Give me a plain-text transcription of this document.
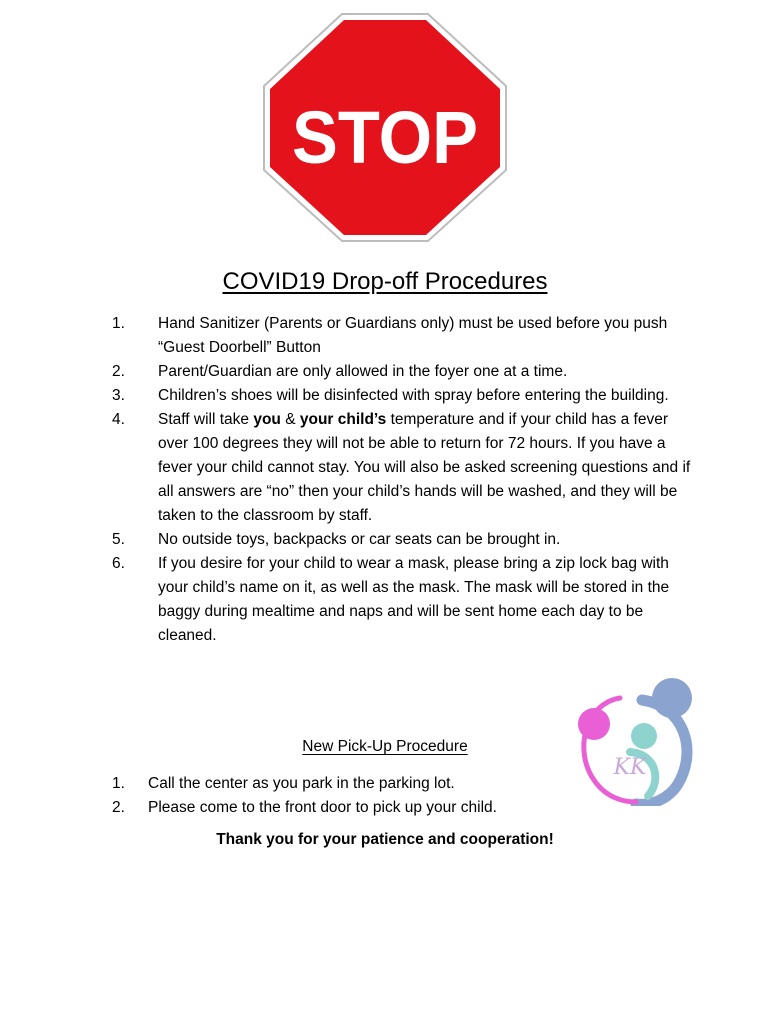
STOP
COVID19 Drop-off Procedures
1. Hand Sanitizer (Parents or Guardians only) must be used before you push “Guest Doorbell” Button
2. Parent/Guardian are only allowed in the foyer one at a time.
3. Children’s shoes will be disinfected with spray before entering the building.
4. Staff will take you & your child’s temperature and if your child has a fever over 100 degrees they will not be able to return for 72 hours. If you have a fever your child cannot stay. You will also be asked screening questions and if all answers are “no” then your child’s hands will be washed, and they will be taken to the classroom by staff.
5. No outside toys, backpacks or car seats can be brought in.
6. If you desire for your child to wear a mask, please bring a zip lock bag with your child’s name on it, as well as the mask. The mask will be stored in the baggy during mealtime and naps and will be sent home each day to be cleaned.
KK
New Pick-Up Procedure
1. Call the center as you park in the parking lot.
2. Please come to the front door to pick up your child.
Thank you for your patience and cooperation!
